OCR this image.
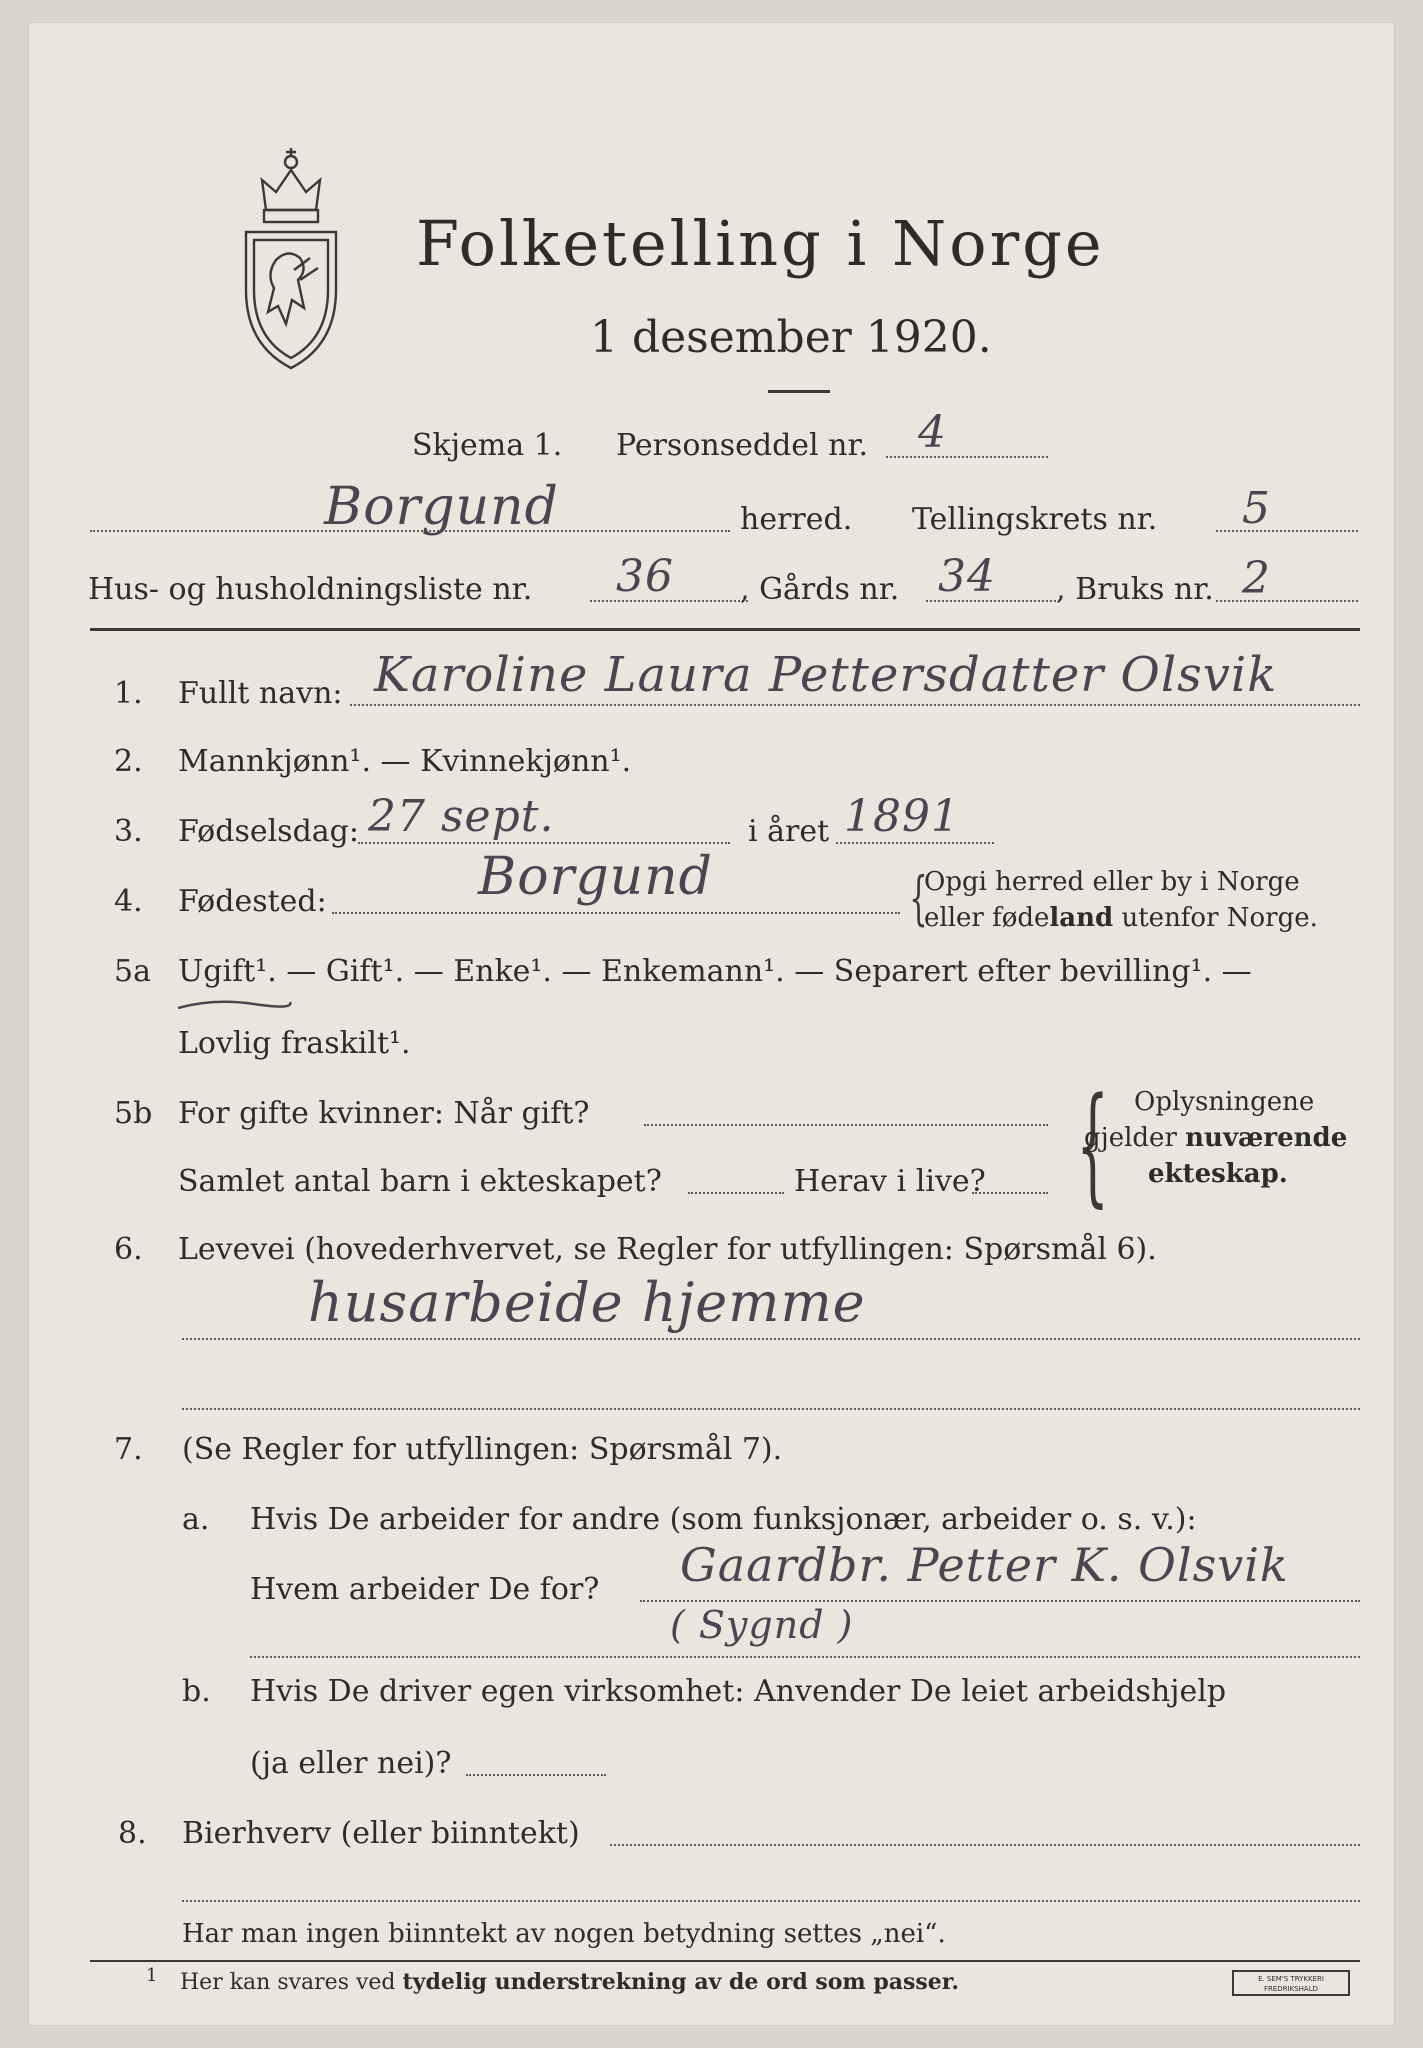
Folketelling i Norge
1 desember 1920.
Skjema 1. Personseddel nr. 4
Borgund	herred. Tellingskrets nr. 5
Hus- og husholdningsliste nr. 36 , Gårds nr. 34 , Bruks nr. 2
1. Fullt navn: Karoline Laura Pettersdatter Olsvik
2. Mannkjønn¹. — Kvinnekjønn¹.
3. Fødselsdag: 27 sept.	i året 1891
4. Fødested:	Borgund	{
Opgi herred eller by i Norge
eller fødeland utenfor Norge.
5a Ugift¹. — Gift¹. — Enke¹. — Enkemann¹. — Separert efter bevilling¹. —
Lovlig fraskilt¹.
5b For gifte kvinner: Når gift?
Samlet antal barn i ekteskapet?	Herav i live? { Oplysningene
gjelder nuværende
ekteskap.
6. Levevei (hovederhvervet, se Regler for utfyllingen: Spørsmål 6).
husarbeide hjemme
7. (Se Regler for utfyllingen: Spørsmål 7).
a. Hvis De arbeider for andre (som funksjonær, arbeider o. s. v.):
Hvem arbeider De for? Gaardbr. Petter K. Olsvik
( Sygnd )
b. Hvis De driver egen virksomhet: Anvender De leiet arbeidshjelp
(ja eller nei)?
8. Bierhverv (eller biinntekt)
Har man ingen biinntekt av nogen betydning settes „nei“.
1 Her kan svares ved tydelig understrekning av de ord som passer.	E. SEM'S TRYKKERI FREDRIKSHALD
